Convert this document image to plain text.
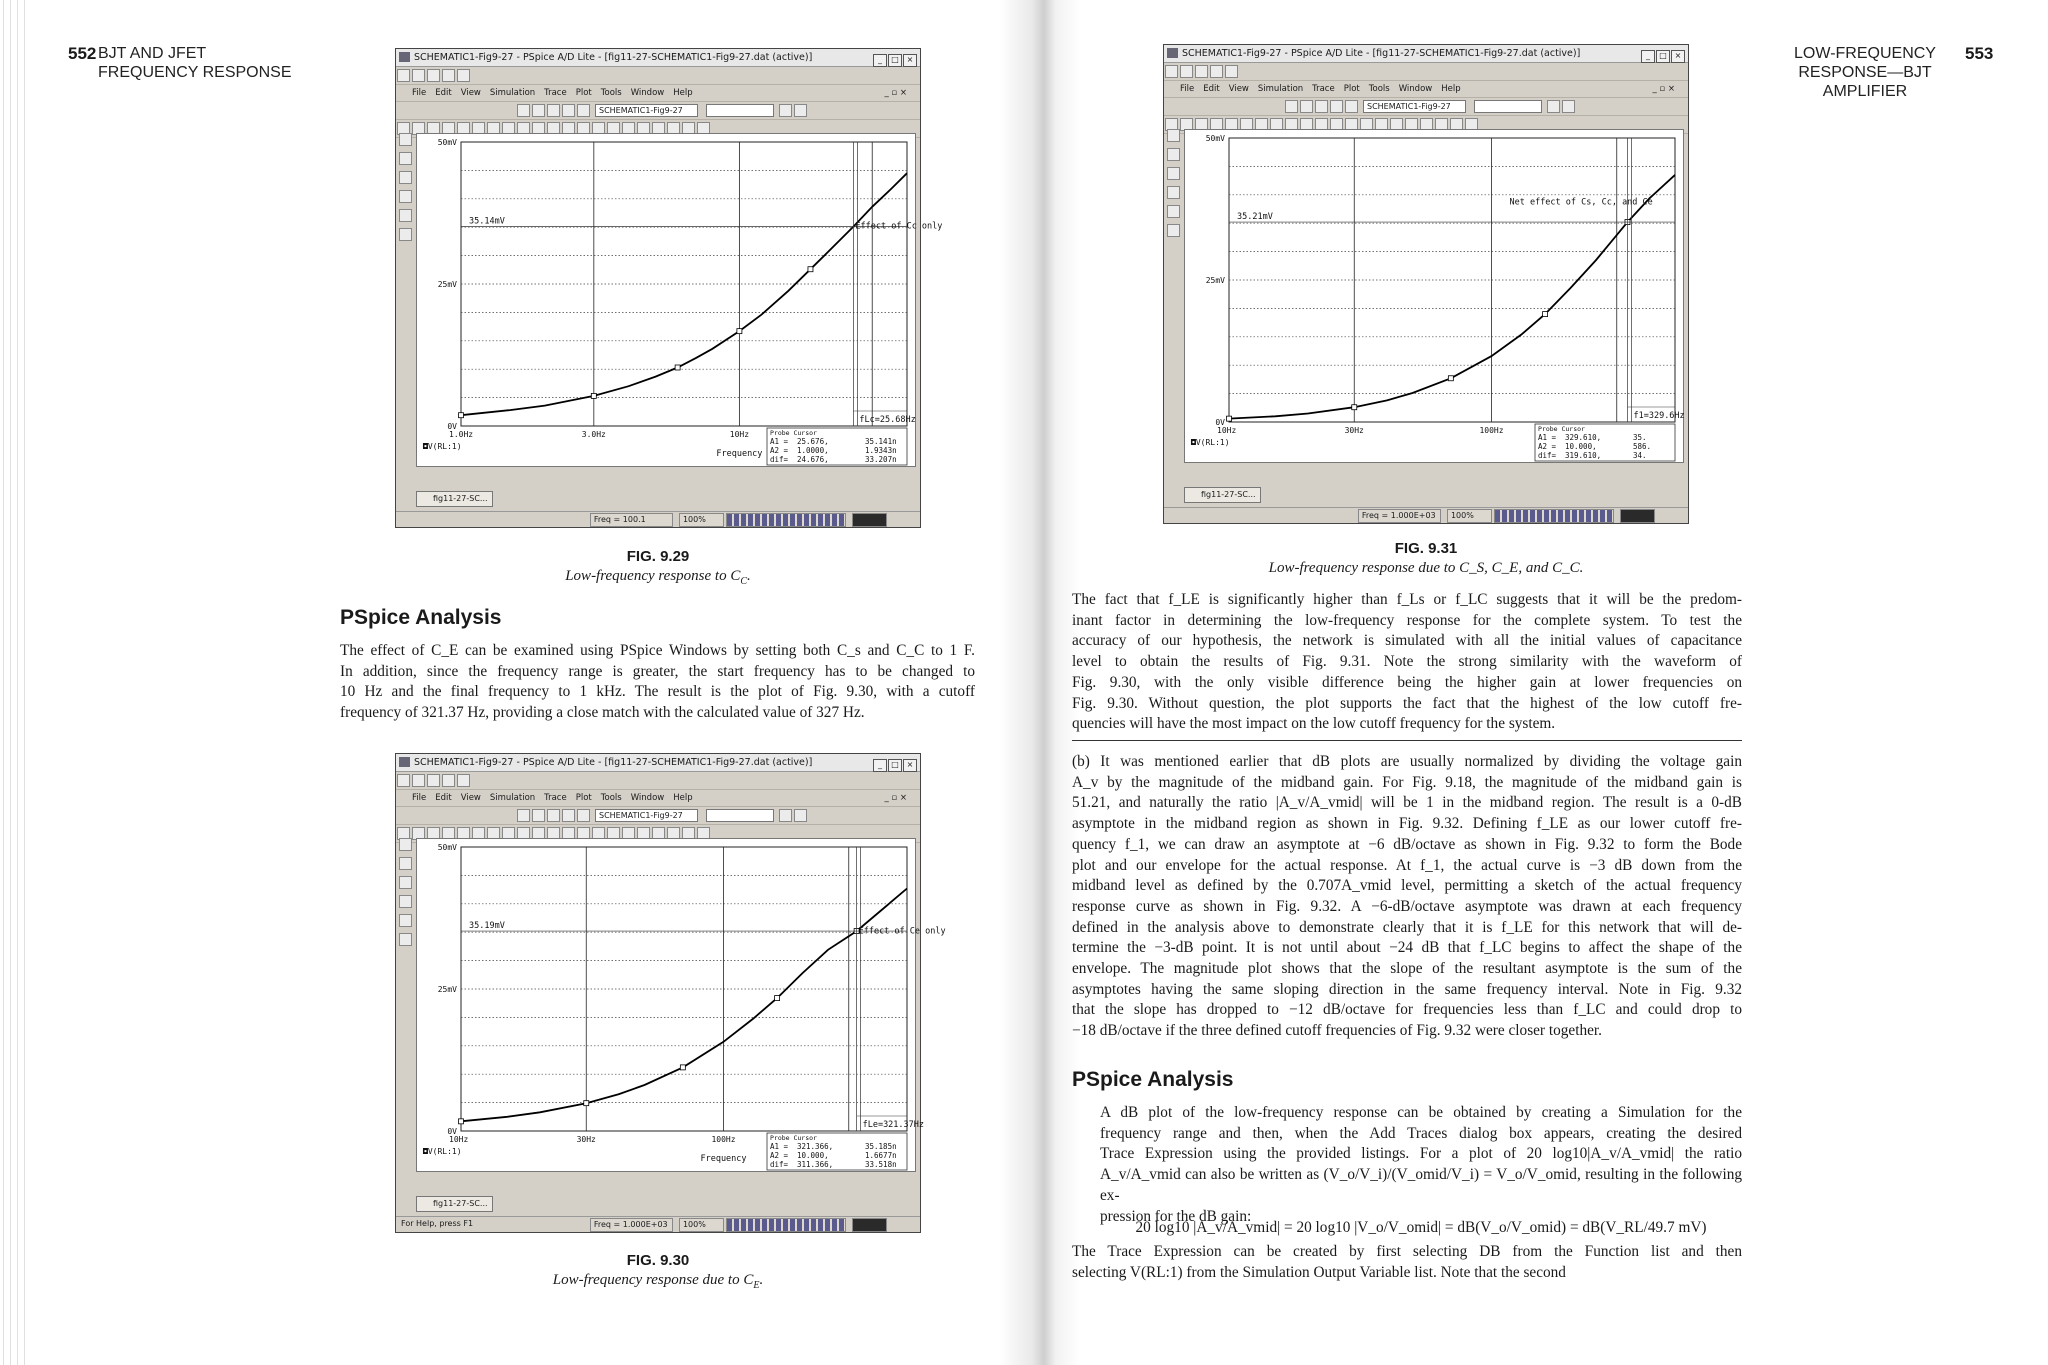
552 BJT AND JFET
FREQUENCY RESPONSE
SCHEMATIC1-Fig9-27 - PSpice A/D Lite - [fig11-27-SCHEMATIC1-Fig9-27.dat (active)]	_ □ ×
File Edit View Simulation Trace Plot Tools Window Help	_ ▫ ×
SCHEMATIC1-Fig9-27
50mV
25mV
0V
1.0Hz	3.0Hz	10Hz
◘V(RL:1)
Frequency
35.14mV
Effect of Cc only
fLc=25.68Hz
Probe Cursor
A1 = 25.676,	35.141n
A2 = 1.0000,	1.9343n
dif= 24.676,	33.207n
fig11-27-SC...
Freq = 100.1	100%
FIG. 9.29
Low-frequency response to $C_C$.
PSpice Analysis
The effect of C_E can be examined using PSpice Windows by setting both C_s and C_C to 1 F.
In addition, since the frequency range is greater, the start frequency has to be changed to
10 Hz and the final frequency to 1 kHz. The result is the plot of Fig. 9.30, with a cutoff
frequency of 321.37 Hz, providing a close match with the calculated value of 327 Hz.
SCHEMATIC1-Fig9-27 - PSpice A/D Lite - [fig11-27-SCHEMATIC1-Fig9-27.dat (active)]	_ □ ×
File Edit View Simulation Trace Plot Tools Window Help	_ ▫ ×
SCHEMATIC1-Fig9-27
50mV
25mV
0V
10Hz	30Hz	100Hz
◘V(RL:1)
Frequency
35.19mV
Effect of Ce only
fLe=321.37Hz
Probe Cursor
A1 = 321.366,	35.185n
A2 = 10.000,	1.6677n
dif= 311.366,	33.518n
fig11-27-SC...
For Help, press F1	Freq = 1.000E+03	100%
FIG. 9.30
Low-frequency response due to $C_E$.
LOW-FREQUENCY
RESPONSE—BJT
AMPLIFIER
553
SCHEMATIC1-Fig9-27 - PSpice A/D Lite - [fig11-27-SCHEMATIC1-Fig9-27.dat (active)]	_ □ ×
File Edit View Simulation Trace Plot Tools Window Help	_ ▫ ×
SCHEMATIC1-Fig9-27
50mV
25mV
0V
10Hz	30Hz	100Hz
◘V(RL:1)
35.21mV
Net effect of Cs, Cc, and Ce
f1=329.6Hz
Probe Cursor
A1 = 329.610,	35.
A2 = 10.000,	586.
dif= 319.610,	34.
fig11-27-SC...
Freq = 1.000E+03	100%
FIG. 9.31
Low-frequency response due to C_S, C_E, and C_C.
The fact that f_LE is significantly higher than f_Ls or f_LC suggests that it will be the predom-
inant factor in determining the low-frequency response for the complete system. To test the
accuracy of our hypothesis, the network is simulated with all the initial values of capacitance
level to obtain the results of Fig. 9.31. Note the strong similarity with the waveform of
Fig. 9.30, with the only visible difference being the higher gain at lower frequencies on
Fig. 9.30. Without question, the plot supports the fact that the highest of the low cutoff fre-
quencies will have the most impact on the low cutoff frequency for the system.
(b) It was mentioned earlier that dB plots are usually normalized by dividing the voltage gain
A_v by the magnitude of the midband gain. For Fig. 9.18, the magnitude of the midband gain is
51.21, and naturally the ratio |A_v/A_vmid| will be 1 in the midband region. The result is a 0-dB
asymptote in the midband region as shown in Fig. 9.32. Defining f_LE as our lower cutoff fre-
quency f_1, we can draw an asymptote at −6 dB/octave as shown in Fig. 9.32 to form the Bode
plot and our envelope for the actual response. At f_1, the actual curve is −3 dB down from the
midband level as defined by the 0.707A_vmid level, permitting a sketch of the actual frequency
response curve as shown in Fig. 9.32. A −6-dB/octave asymptote was drawn at each frequency
defined in the analysis above to demonstrate clearly that it is f_LE for this network that will de-
termine the −3-dB point. It is not until about −24 dB that f_LC begins to affect the shape of the
envelope. The magnitude plot shows that the slope of the resultant asymptote is the sum of the
asymptotes having the same sloping direction in the same frequency interval. Note in Fig. 9.32
that the slope has dropped to −12 dB/octave for frequencies less than f_LC and could drop to
−18 dB/octave if the three defined cutoff frequencies of Fig. 9.32 were closer together.
PSpice Analysis
A dB plot of the low-frequency response can be obtained by creating a Simulation for the
frequency range and then, when the Add Traces dialog box appears, creating the desired
Trace Expression using the provided listings. For a plot of 20 log10|A_v/A_vmid| the ratio
A_v/A_vmid can also be written as (V_o/V_i)/(V_omid/V_i) = V_o/V_omid, resulting in the following ex-
pression for the dB gain:
20 log10 |A_v/A_vmid| = 20 log10 |V_o/V_omid| = dB(V_o/V_omid) = dB(V_RL/49.7 mV)
The Trace Expression can be created by first selecting DB from the Function list and then
selecting V(RL:1) from the Simulation Output Variable list. Note that the second
